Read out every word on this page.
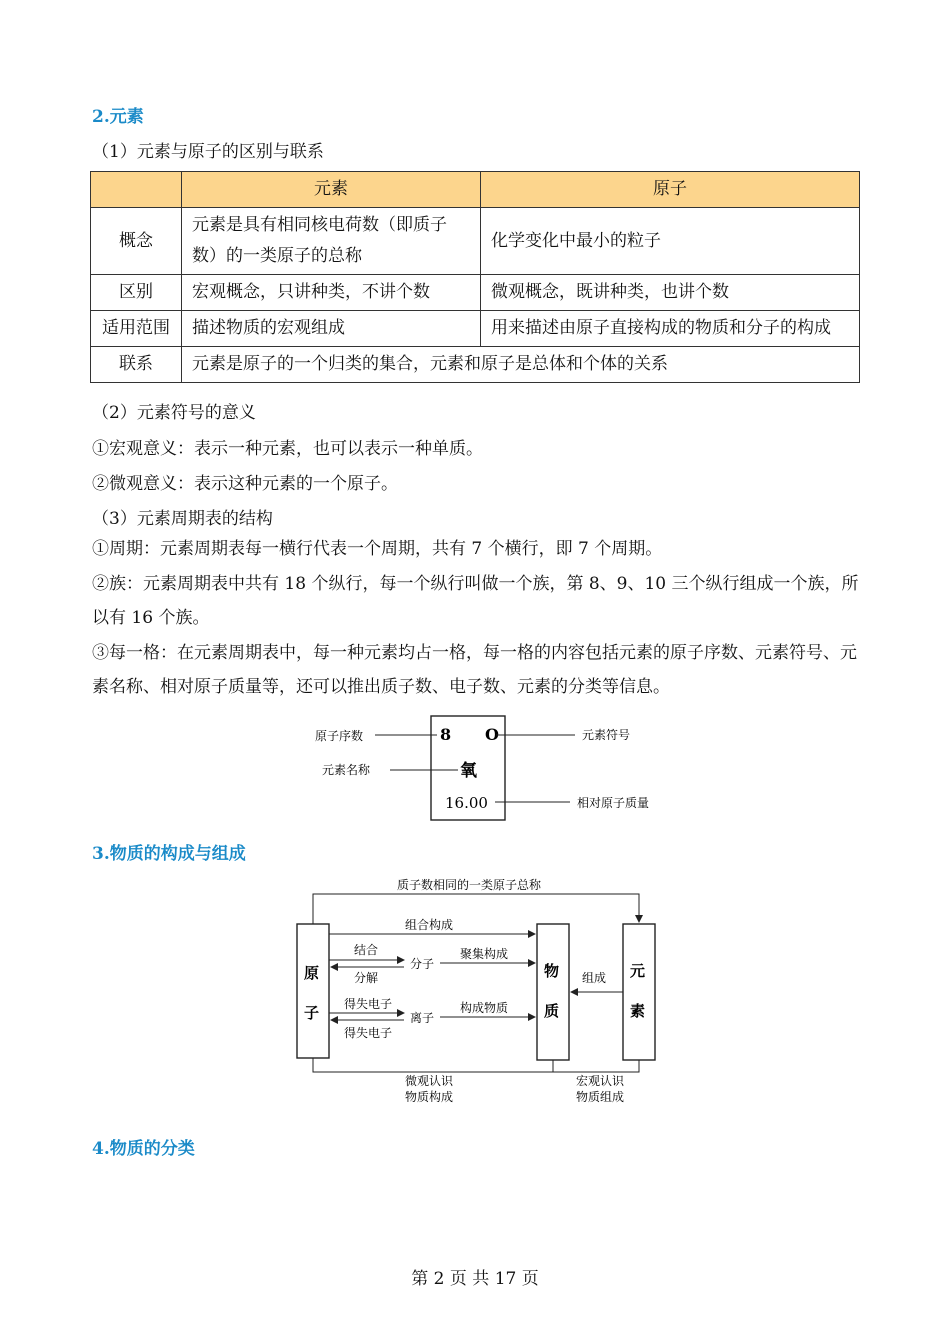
2.元素
（1）元素与原子的区别与联系
	元素	原子
概念	元素是具有相同核电荷数（即质子数）的一类原子的总称	化学变化中最小的粒子
区别	宏观概念，只讲种类，不讲个数	微观概念，既讲种类，也讲个数
适用范围	描述物质的宏观组成	用来描述由原子直接构成的物质和分子的构成
联系	元素是原子的一个归类的集合，元素和原子是总体和个体的关系	
（2）元素符号的意义
①宏观意义：表示一种元素，也可以表示一种单质。
②微观意义：表示这种元素的一个原子。
（3）元素周期表的结构
①周期：元素周期表每一横行代表一个周期，共有 7 个横行，即 7 个周期。
②族：元素周期表中共有 18 个纵行，每一个纵行叫做一个族，第 8、9、10 三个纵行组成一个族，所以有 16 个族。
③每一格：在元素周期表中，每一种元素均占一格，每一格的内容包括元素的原子序数、元素符号、元素名称、相对原子质量等，还可以推出质子数、电子数、元素的分类等信息。
8 O
氧
16.00
原子序数	元素符号
元素名称
相对原子质量
3.物质的构成与组成
原
子
物
质
元
素
质子数相同的一类原子总称
组合构成
结合
分解
分子
聚集构成
得失电子
得失电子
离子
构成物质
组成
微观认识
物质构成
宏观认识
物质组成
4.物质的分类
第 2 页 共 17 页
